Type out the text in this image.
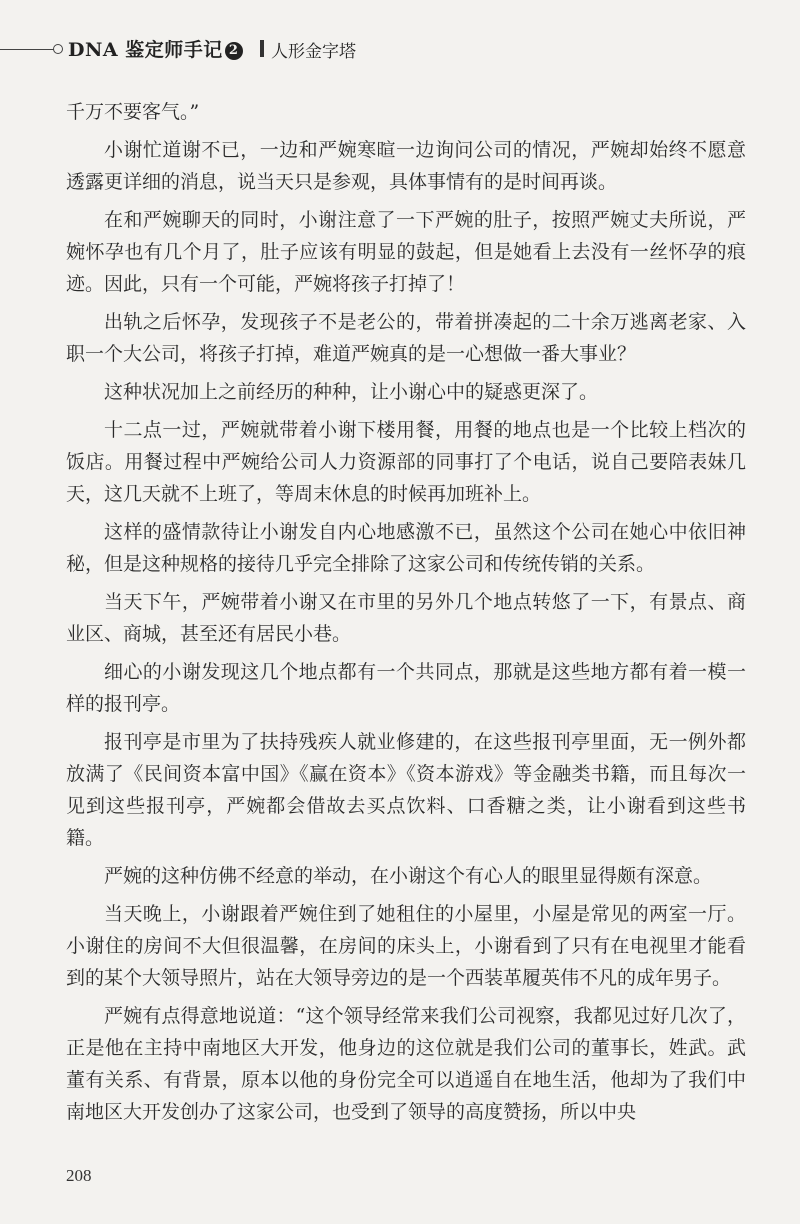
DNA 鉴定师手记 2 人形金字塔

千万不要客气。”

小谢忙道谢不已，一边和严婉寒暄一边询问公司的情况，严婉却始终不愿意透露更详细的消息，说当天只是参观，具体事情有的是时间再谈。

在和严婉聊天的同时，小谢注意了一下严婉的肚子，按照严婉丈夫所说，严婉怀孕也有几个月了，肚子应该有明显的鼓起，但是她看上去没有一丝怀孕的痕迹。因此，只有一个可能，严婉将孩子打掉了！

出轨之后怀孕，发现孩子不是老公的，带着拼凑起的二十余万逃离老家、入职一个大公司，将孩子打掉，难道严婉真的是一心想做一番大事业？

这种状况加上之前经历的种种，让小谢心中的疑惑更深了。

十二点一过，严婉就带着小谢下楼用餐，用餐的地点也是一个比较上档次的饭店。用餐过程中严婉给公司人力资源部的同事打了个电话，说自己要陪表妹几天，这几天就不上班了，等周末休息的时候再加班补上。

这样的盛情款待让小谢发自内心地感激不已，虽然这个公司在她心中依旧神秘，但是这种规格的接待几乎完全排除了这家公司和传统传销的关系。

当天下午，严婉带着小谢又在市里的另外几个地点转悠了一下，有景点、商业区、商城，甚至还有居民小巷。

细心的小谢发现这几个地点都有一个共同点，那就是这些地方都有着一模一样的报刊亭。

报刊亭是市里为了扶持残疾人就业修建的，在这些报刊亭里面，无一例外都放满了《民间资本富中国》《赢在资本》《资本游戏》等金融类书籍，而且每次一见到这些报刊亭，严婉都会借故去买点饮料、口香糖之类，让小谢看到这些书籍。

严婉的这种仿佛不经意的举动，在小谢这个有心人的眼里显得颇有深意。

当天晚上，小谢跟着严婉住到了她租住的小屋里，小屋是常见的两室一厅。小谢住的房间不大但很温馨，在房间的床头上，小谢看到了只有在电视里才能看到的某个大领导照片，站在大领导旁边的是一个西装革履英伟不凡的成年男子。

严婉有点得意地说道：“这个领导经常来我们公司视察，我都见过好几次了，正是他在主持中南地区大开发，他身边的这位就是我们公司的董事长，姓武。武董有关系、有背景，原本以他的身份完全可以逍遥自在地生活，他却为了我们中南地区大开发创办了这家公司，也受到了领导的高度赞扬，所以中央

208
